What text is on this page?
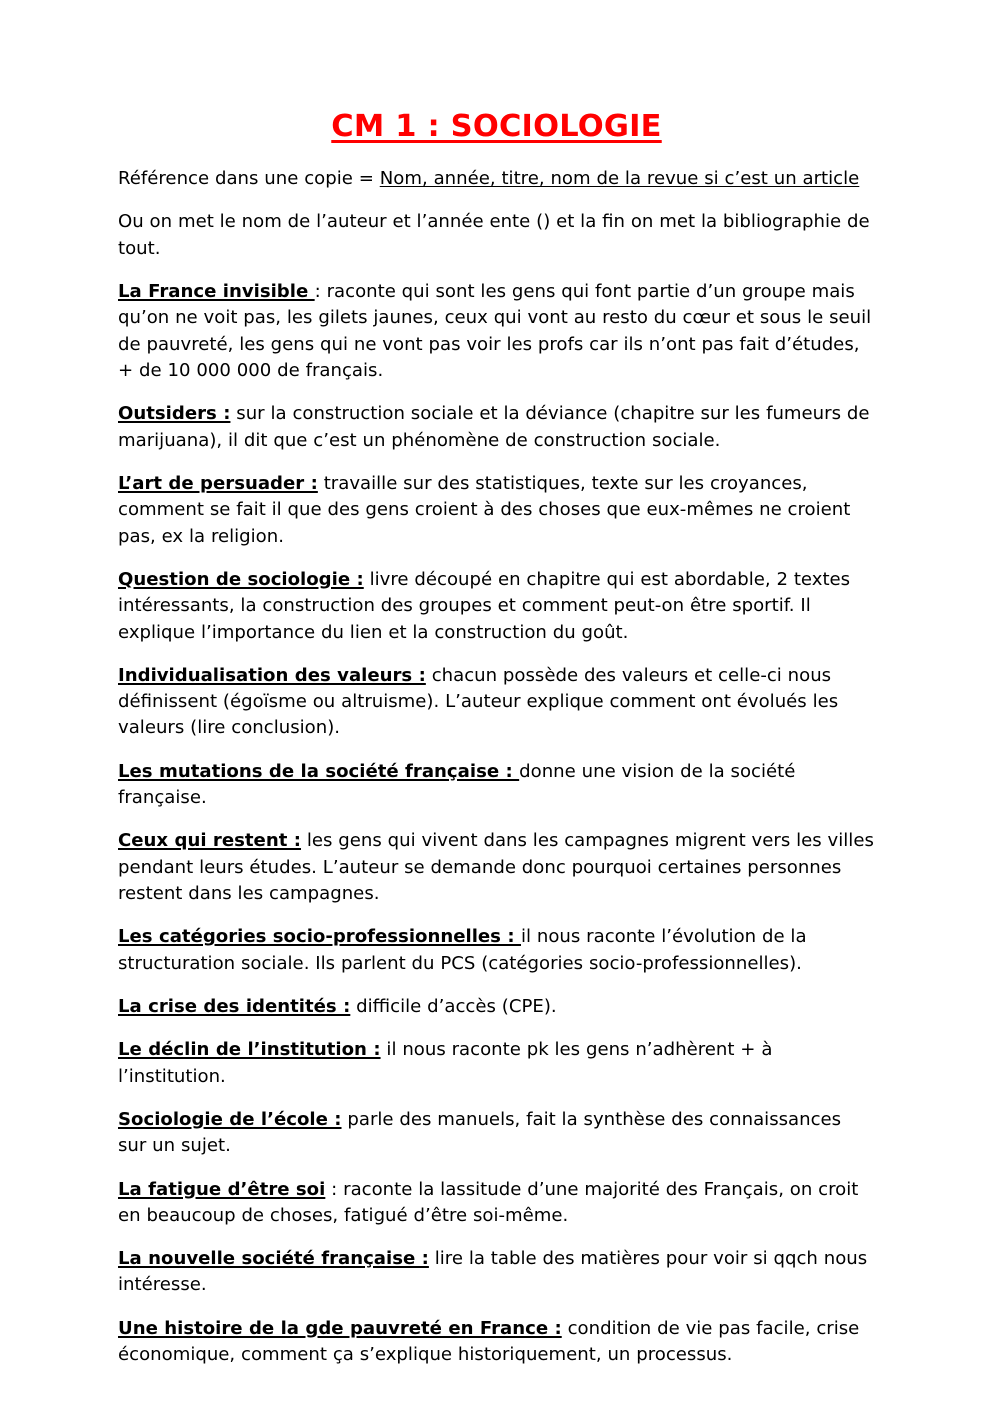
CM 1 : SOCIOLOGIE

Référence dans une copie = Nom, année, titre, nom de la revue si c’est un article

Ou on met le nom de l’auteur et l’année ente () et la fin on met la bibliographie de tout.

La France invisible : raconte qui sont les gens qui font partie d’un groupe mais qu’on ne voit pas, les gilets jaunes, ceux qui vont au resto du cœur et sous le seuil de pauvreté, les gens qui ne vont pas voir les profs car ils n’ont pas fait d’études, + de 10 000 000 de français.

Outsiders : sur la construction sociale et la déviance (chapitre sur les fumeurs de marijuana), il dit que c’est un phénomène de construction sociale.

L’art de persuader : travaille sur des statistiques, texte sur les croyances, comment se fait il que des gens croient à des choses que eux-mêmes ne croient pas, ex la religion.

Question de sociologie : livre découpé en chapitre qui est abordable, 2 textes intéressants, la construction des groupes et comment peut-on être sportif. Il explique l’importance du lien et la construction du goût.

Individualisation des valeurs : chacun possède des valeurs et celle-ci nous définissent (égoïsme ou altruisme). L’auteur explique comment ont évolués les valeurs (lire conclusion).

Les mutations de la société française : donne une vision de la société française.

Ceux qui restent : les gens qui vivent dans les campagnes migrent vers les villes pendant leurs études. L’auteur se demande donc pourquoi certaines personnes restent dans les campagnes.

Les catégories socio-professionnelles : il nous raconte l’évolution de la structuration sociale. Ils parlent du PCS (catégories socio-professionnelles).

La crise des identités : difficile d’accès (CPE).

Le déclin de l’institution : il nous raconte pk les gens n’adhèrent + à l’institution.

Sociologie de l’école : parle des manuels, fait la synthèse des connaissances sur un sujet.

La fatigue d’être soi : raconte la lassitude d’une majorité des Français, on croit en beaucoup de choses, fatigué d’être soi-même.

La nouvelle société française : lire la table des matières pour voir si qqch nous intéresse.

Une histoire de la gde pauvreté en France : condition de vie pas facile, crise économique, comment ça s’explique historiquement, un processus.
